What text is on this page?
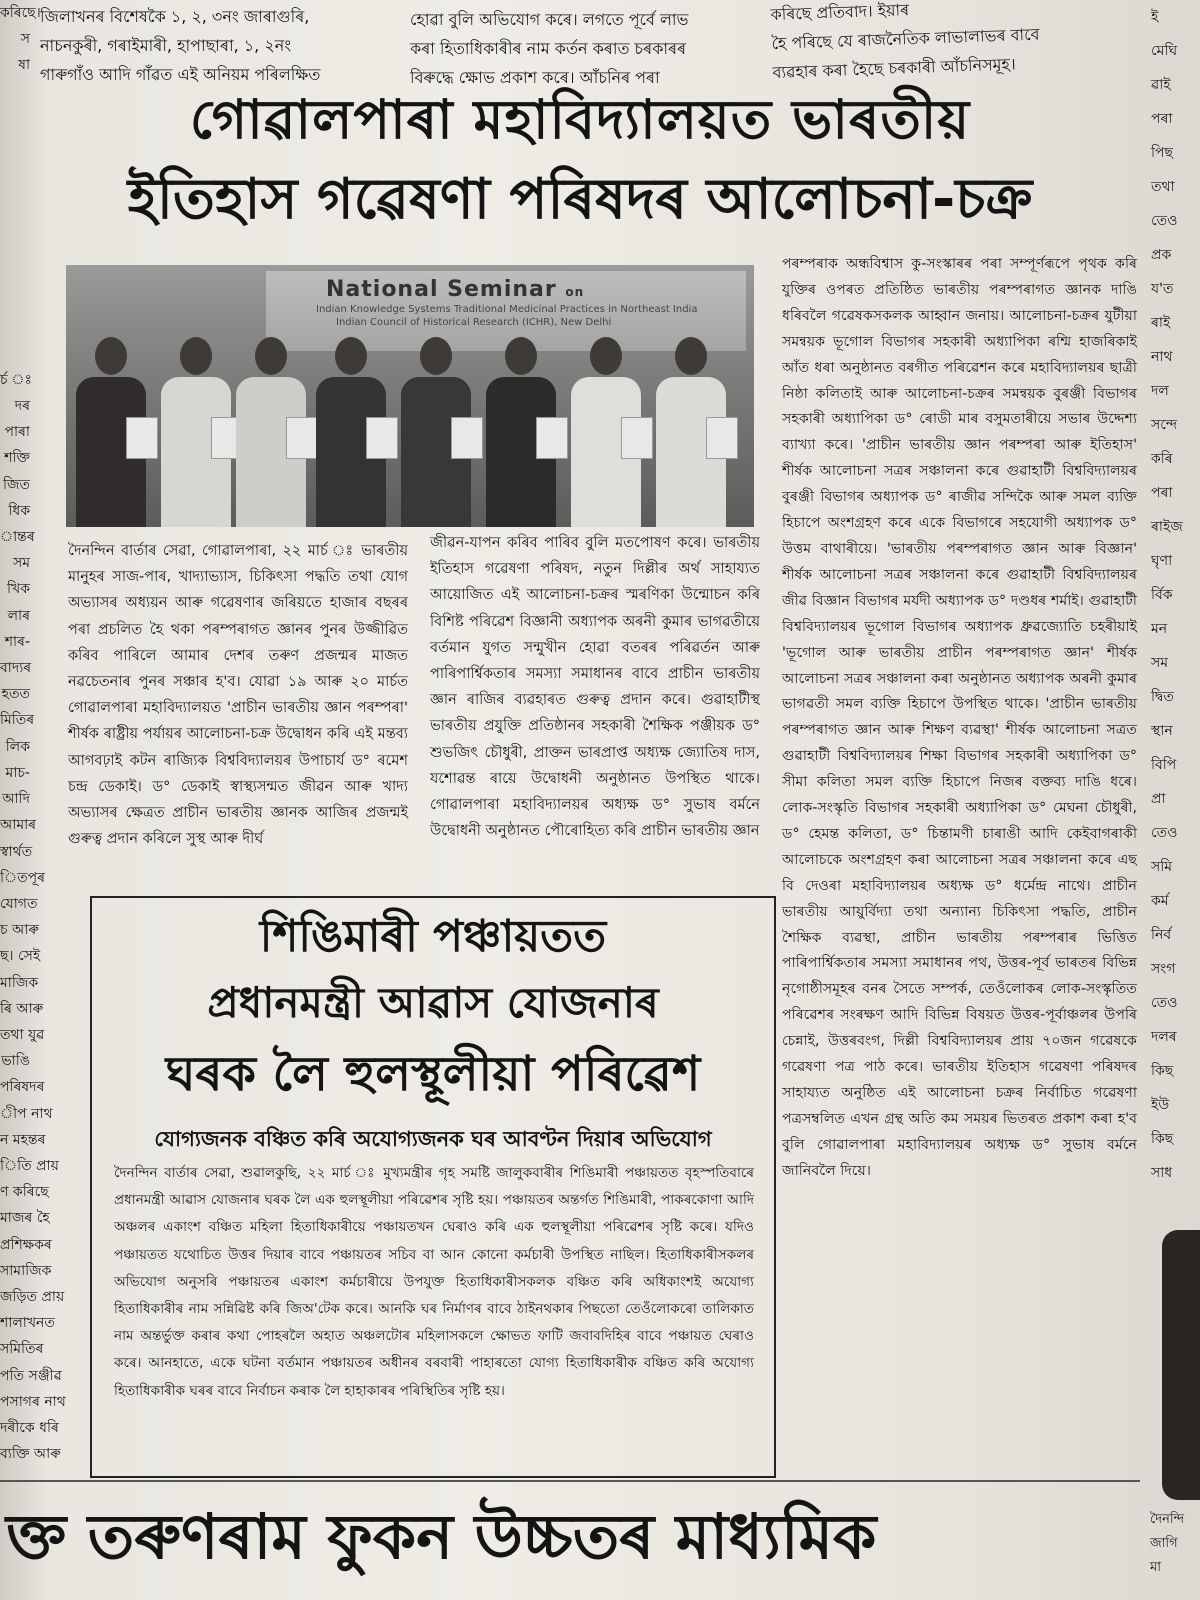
কৰিছে।
স
ষা

র্চ ঃ
দৰ
পাৰা
শক্তি
জিত
ধিক
ান্তৰ
সম
খিক
লাৰ
শাৰ-
বাদ্যৰ
হতত
মিতিৰ
লিক
মাচ-
আদি
আমাৰ
স্বাৰ্থত
িতপূৰ
যোগত
চ আৰু
ছ। সেই
মাজিক
ৰি আৰু
তথা যুৱ
ভাঙি
পৰিষদৰ
ীপ নাথ
ন মহন্তৰ
িতি প্ৰায়
ণ কৰিছে
মাজৰ হৈ
প্ৰশিক্ষকৰ
সামাজিক
জড়িত প্ৰায়
শালাখনত
সমিতিৰ
পতি সঞ্জীৱ
পসাগৰ নাথ
দৰীকে ধৰি
ব্যক্তি আৰু

জিলাখনৰ বিশেষকৈ ১, ২, ৩নং জাৰাগুৰি,

নাচনকুৰী, গৰাইমাৰী, হাপাছাৰা, ১, ২নং

গাৰুগাঁও আদি গাঁৱত এই অনিয়ম পৰিলক্ষিত

হোৱা বুলি অভিযোগ কৰে। লগতে পূৰ্বে লাভ

কৰা হিতাধিকাৰীৰ নাম কৰ্তন কৰাত চৰকাৰৰ

বিৰুদ্ধে ক্ষোভ প্ৰকাশ কৰে। আঁচনিৰ পৰা

কৰিছে প্ৰতিবাদ। ইয়াৰ

হৈ পৰিছে যে ৰাজনৈতিক লাভালাভৰ বাবে

ব্যৱহাৰ কৰা হৈছে চৰকাৰী আঁচনিসমূহ।

গোৱালপাৰা মহাবিদ্যালয়ত ভাৰতীয়
ইতিহাস গৱেষণা পৰিষদৰ আলোচনা-চক্ৰ
National Seminar on
Indian Knowledge Systems Traditional Medicinal Practices in Northeast India
Indian Council of Historical Research (ICHR), New Delhi

দৈনন্দিন বাৰ্তাৰ সেৱা, গোৱালপাৰা, ২২ মাৰ্চ ঃ ভাৰতীয় মানুহৰ সাজ-পাৰ, খাদ্যাভ্যাস, চিকিৎসা পদ্ধতি তথা যোগ অভ্যাসৰ অধ্যয়ন আৰু গৱেষণাৰ জৰিয়তে হাজাৰ বছৰৰ পৰা প্ৰচলিত হৈ থকা পৰম্পৰাগত জ্ঞানৰ পুনৰ উজ্জীৱিত কৰিব পাৰিলে আমাৰ দেশৰ তৰুণ প্ৰজন্মৰ মাজত নৱচেতনাৰ পুনৰ সঞ্চাৰ হ'ব। যোৱা ১৯ আৰু ২০ মাৰ্চত গোৱালপাৰা মহাবিদ্যালয়ত 'প্ৰাচীন ভাৰতীয় জ্ঞান পৰম্পৰা' শীৰ্ষক ৰাষ্ট্ৰীয় পৰ্যায়ৰ আলোচনা-চক্ৰ উদ্বোধন কৰি এই মন্তব্য আগবঢ়াই কটন ৰাজ্যিক বিশ্ববিদ্যালয়ৰ উপাচাৰ্য ড° ৰমেশ চন্দ্ৰ ডেকাই। ড° ডেকাই স্বাস্থ্যসন্মত জীৱন আৰু খাদ্য অভ্যাসৰ ক্ষেত্ৰত প্ৰাচীন ভাৰতীয় জ্ঞানক আজিৰ প্ৰজন্মই গুৰুত্ব প্ৰদান কৰিলে সুস্থ আৰু দীৰ্ঘ

জীৱন-যাপন কৰিব পাৰিব বুলি মতপোষণ কৰে। ভাৰতীয় ইতিহাস গৱেষণা পৰিষদ, নতুন দিল্লীৰ অৰ্থ সাহায্যত আয়োজিত এই আলোচনা-চক্ৰৰ স্মৰণিকা উন্মোচন কৰি বিশিষ্ট পৰিৱেশ বিজ্ঞানী অধ্যাপক অৰনী কুমাৰ ভাগৱতীয়ে বৰ্তমান যুগত সন্মুখীন হোৱা বতৰৰ পৰিৱৰ্তন আৰু পাৰিপাৰ্শ্বিকতাৰ সমস্যা সমাধানৰ বাবে প্ৰাচীন ভাৰতীয় জ্ঞান ৰাজিৰ ব্যৱহাৰত গুৰুত্ব প্ৰদান কৰে। গুৱাহাটীস্থ ভাৰতীয় প্ৰযুক্তি প্ৰতিষ্ঠানৰ সহকাৰী শৈক্ষিক পঞ্জীয়ক ড° শুভজিৎ চৌধুৰী, প্ৰাক্তন ভাৰপ্ৰাপ্ত অধ্যক্ষ জ্যোতিষ দাস, যশোৱন্ত ৰায়ে উদ্বোধনী অনুষ্ঠানত উপস্থিত থাকে। গোৱালপাৰা মহাবিদ্যালয়ৰ অধ্যক্ষ ড° সুভাষ বৰ্মনে উদ্বোধনী অনুষ্ঠানত পৌৰোহিত্য কৰি প্ৰাচীন ভাৰতীয় জ্ঞান

পৰম্পৰাক অন্ধবিশ্বাস কু-সংস্কাৰৰ পৰা সম্পূৰ্ণৰূপে পৃথক কৰি যুক্তিৰ ওপৰত প্ৰতিষ্ঠিত ভাৰতীয় পৰম্পৰাগত জ্ঞানক দাঙি ধৰিবলৈ গৱেষকসকলক আহ্বান জনায়। আলোচনা-চক্ৰৰ যুটীয়া সমন্বয়ক ভূগোল বিভাগৰ সহকাৰী অধ্যাপিকা ৰশ্মি হাজৰিকাই আঁত ধৰা অনুষ্ঠানত বৰগীত পৰিৱেশন কৰে মহাবিদ্যালয়ৰ ছাত্ৰী নিষ্ঠা কলিতাই আৰু আলোচনা-চক্ৰৰ সমন্বয়ক বুৰঞ্জী বিভাগৰ সহকাৰী অধ্যাপিকা ড° ৰোডী মাৰ বসুমতাৰীয়ে সভাৰ উদ্দেশ্য ব্যাখ্যা কৰে। 'প্ৰাচীন ভাৰতীয় জ্ঞান পৰম্পৰা আৰু ইতিহাস' শীৰ্ষক আলোচনা সত্ৰৰ সঞ্চালনা কৰে গুৱাহাটী বিশ্ববিদ্যালয়ৰ বুৰঞ্জী বিভাগৰ অধ্যাপক ড° ৰাজীৱ সন্দিকৈ আৰু সমল ব্যক্তি হিচাপে অংশগ্ৰহণ কৰে একে বিভাগৰে সহযোগী অধ্যাপক ড° উত্তম বাথাৰীয়ে। 'ভাৰতীয় পৰম্পৰাগত জ্ঞান আৰু বিজ্ঞান' শীৰ্ষক আলোচনা সত্ৰৰ সঞ্চালনা কৰে গুৱাহাটী বিশ্ববিদ্যালয়ৰ জীৱ বিজ্ঞান বিভাগৰ মৰ্যদী অধ্যাপক ড° দণ্ডধৰ শৰ্মাই। গুৱাহাটী বিশ্ববিদ্যালয়ৰ ভূগোল বিভাগৰ অধ্যাপক ধ্ৰুৱজ্যোতি চহৰীয়াই 'ভূগোল আৰু ভাৰতীয় প্ৰাচীন পৰম্পৰাগত জ্ঞান' শীৰ্ষক আলোচনা সত্ৰৰ সঞ্চালনা কৰা অনুষ্ঠানত অধ্যাপক অৰনী কুমাৰ ভাগৱতী সমল ব্যক্তি হিচাপে উপস্থিত থাকে। 'প্ৰাচীন ভাৰতীয় পৰম্পৰাগত জ্ঞান আৰু শিক্ষণ ব্যৱস্থা' শীৰ্ষক আলোচনা সত্ৰত গুৱাহাটী বিশ্ববিদ্যালয়ৰ শিক্ষা বিভাগৰ সহকাৰী অধ্যাপিকা ড° সীমা কলিতা সমল ব্যক্তি হিচাপে নিজৰ বক্তব্য দাঙি ধৰে। লোক-সংস্কৃতি বিভাগৰ সহকাৰী অধ্যাপিকা ড° মেঘনা চৌধুৰী, ড° হেমন্ত কলিতা, ড° চিন্তামণী চাৰাঙী আদি কেইবাগৰাকী আলোচকে অংশগ্ৰহণ কৰা আলোচনা সত্ৰৰ সঞ্চালনা কৰে এছ বি দেওৰা মহাবিদ্যালয়ৰ অধ্যক্ষ ড° ধৰ্মেন্দ্ৰ নাথে। প্ৰাচীন ভাৰতীয় আয়ুৰ্বিদ্যা তথা অন্যান্য চিকিৎসা পদ্ধতি, প্ৰাচীন শৈক্ষিক ব্যৱস্থা, প্ৰাচীন ভাৰতীয় পৰম্পৰাৰ ভিত্তিত পাৰিপাৰ্শ্বিকতাৰ সমস্যা সমাধানৰ পথ, উত্তৰ-পূৰ্ব ভাৰতৰ বিভিন্ন নৃগোষ্ঠীসমূহৰ বনৰ সৈতে সম্পৰ্ক, তেওঁলোকৰ লোক-সংস্কৃতিত পৰিৱেশৰ সংৰক্ষণ আদি বিভিন্ন বিষয়ত উত্তৰ-পূৰ্বাঞ্চলৰ উপৰি চেন্নাই, উত্তৰবংগ, দিল্লী বিশ্ববিদ্যালয়ৰ প্ৰায় ৭০জন গৱেষকে গৱেষণা পত্ৰ পাঠ কৰে। ভাৰতীয় ইতিহাস গৱেষণা পৰিষদৰ সাহায্যত অনুষ্ঠিত এই আলোচনা চক্ৰৰ নিৰ্বাচিত গৱেষণা পত্ৰসম্বলিত এখন গ্ৰন্থ অতি কম সময়ৰ ভিতৰত প্ৰকাশ কৰা হ'ব বুলি গোৱালপাৰা মহাবিদ্যালয়ৰ অধ্যক্ষ ড° সুভাষ বৰ্মনে জানিবলৈ দিয়ে।

শিঙিমাৰী পঞ্চায়তত
প্ৰধানমন্ত্ৰী আৱাস যোজনাৰ
ঘৰক লৈ হুলস্থূলীয়া পৰিৱেশ
যোগ্যজনক বঞ্চিত কৰি অযোগ্যজনক ঘৰ আবণ্টন দিয়াৰ অভিযোগ
দৈনন্দিন বাৰ্তাৰ সেৱা, শুৱালকুছি, ২২ মাৰ্চ ঃ মুখ্যমন্ত্ৰীৰ গৃহ সমষ্টি জালুকবাৰীৰ শিঙিমাৰী পঞ্চায়তত বৃহস্পতিবাৰে প্ৰধানমন্ত্ৰী আৱাস যোজনাৰ ঘৰক লৈ এক হুলস্থূলীয়া পৰিৱেশৰ সৃষ্টি হয়। পঞ্চায়তৰ অন্তৰ্গত শিঙিমাৰী, পাকৰকোণা আদি অঞ্চলৰ একাংশ বঞ্চিত মহিলা হিতাধিকাৰীয়ে পঞ্চায়তখন ঘেৰাও কৰি এক হুলস্থূলীয়া পৰিৱেশৰ সৃষ্টি কৰে। যদিও পঞ্চায়তত যথোচিত উত্তৰ দিয়াৰ বাবে পঞ্চায়তৰ সচিব বা আন কোনো কৰ্মচাৰী উপস্থিত নাছিল। হিতাধিকাৰীসকলৰ অভিযোগ অনুসৰি পঞ্চায়তৰ একাংশ কৰ্মচাৰীয়ে উপযুক্ত হিতাধিকাৰীসকলক বঞ্চিত কৰি অধিকাংশই অযোগ্য হিতাধিকাৰীৰ নাম সন্নিৱিষ্ট কৰি জিঅ'টেক কৰে। আনকি ঘৰ নিৰ্মাণৰ বাবে ঠাইনথকাৰ পিছতো তেওঁলোকৰো তালিকাত নাম অন্তৰ্ভুক্ত কৰাৰ কথা পোহৰলৈ অহাত অঞ্চলটোৰ মহিলাসকলে ক্ষোভত ফাটি জবাবদিহিৰ বাবে পঞ্চায়ত ঘেৰাও কৰে। আনহাতে, একে ঘটনা বৰ্তমান পঞ্চায়তৰ অধীনৰ বৰবাৰী পাহাৰতো যোগ্য হিতাধিকাৰীক বঞ্চিত কৰি অযোগ্য হিতাধিকাৰীক ঘৰৰ বাবে নিৰ্বাচন কৰাক লৈ হাহাকাৰৰ পৰিস্থিতিৰ সৃষ্টি হয়।
ই
মেঘি
ৱাই
পৰা
পিছ
তথা
তেও
প্ৰক
য'ত
ৰাই
নাথ
দল
সন্দে
কৰি
পৰা
ৰাইজ
ঘৃণা
ৰ্বিক
মন
সম
দ্বিত
স্থান
বিপি
প্ৰা
তেও
সমি
কৰ্ম
নিৰ্ব
সংগ
তেও
দলৰ
কিছ
ইউ
কিছ
সাধ
দৈনন্দি
জাগি
মা
ক্ত তৰুণৰাম ফুকন উচ্চতৰ মাধ্যমিক
